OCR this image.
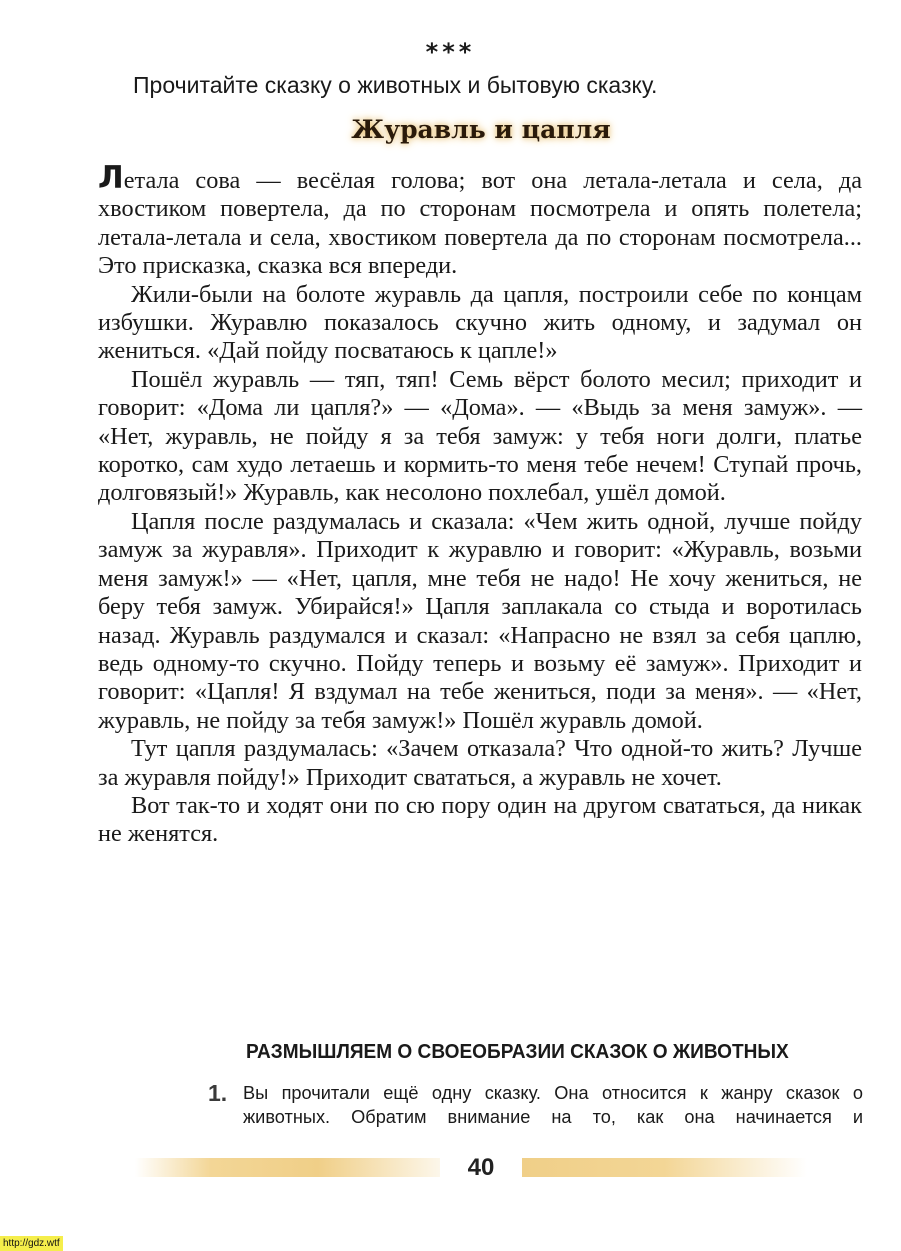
***
Прочитайте сказку о животных и бытовую сказку.
Журавль и цапля

Летала сова — весёлая голова; вот она летала-летала и села, да хвостиком повертела, да по сторонам посмотрела и опять полетела; летала-летала и села, хвостиком повертела да по сторонам посмотрела... Это присказка, сказка вся впереди.

Жили-были на болоте журавль да цапля, построили себе по концам избушки. Журавлю показалось скучно жить одному, и задумал он жениться. «Дай пойду посватаюсь к цапле!»

Пошёл журавль — тяп, тяп! Семь вёрст болото месил; приходит и говорит: «Дома ли цапля?» — «Дома». — «Выдь за меня замуж». — «Нет, журавль, не пойду я за тебя замуж: у тебя ноги долги, платье коротко, сам худо летаешь и кормить-то меня тебе нечем! Ступай прочь, долговязый!» Журавль, как несолоно похлебал, ушёл домой.

Цапля после раздумалась и сказала: «Чем жить одной, лучше пойду замуж за журавля». Приходит к журавлю и говорит: «Журавль, возьми меня замуж!» — «Нет, цапля, мне тебя не надо! Не хочу жениться, не беру тебя замуж. Убирайся!» Цапля заплакала со стыда и воротилась назад. Журавль раздумался и сказал: «Напрасно не взял за себя цаплю, ведь одному-то скучно. Пойду теперь и возьму её замуж». Приходит и говорит: «Цапля! Я вздумал на тебе жениться, поди за меня». — «Нет, журавль, не пойду за тебя замуж!» Пошёл журавль домой.

Тут цапля раздумалась: «Зачем отказала? Что одной-то жить? Лучше за журавля пойду!» Приходит свататься, а журавль не хочет.

Вот так-то и ходят они по сю пору один на другом свататься, да никак не женятся.

РАЗМЫШЛЯЕМ О СВОЕОБРАЗИИ СКАЗОК О ЖИВОТНЫХ
1. Вы прочитали ещё одну сказку. Она относится к жанру сказок о животных. Обратим внимание на то, как она начинается и
40
http://gdz.wtf
